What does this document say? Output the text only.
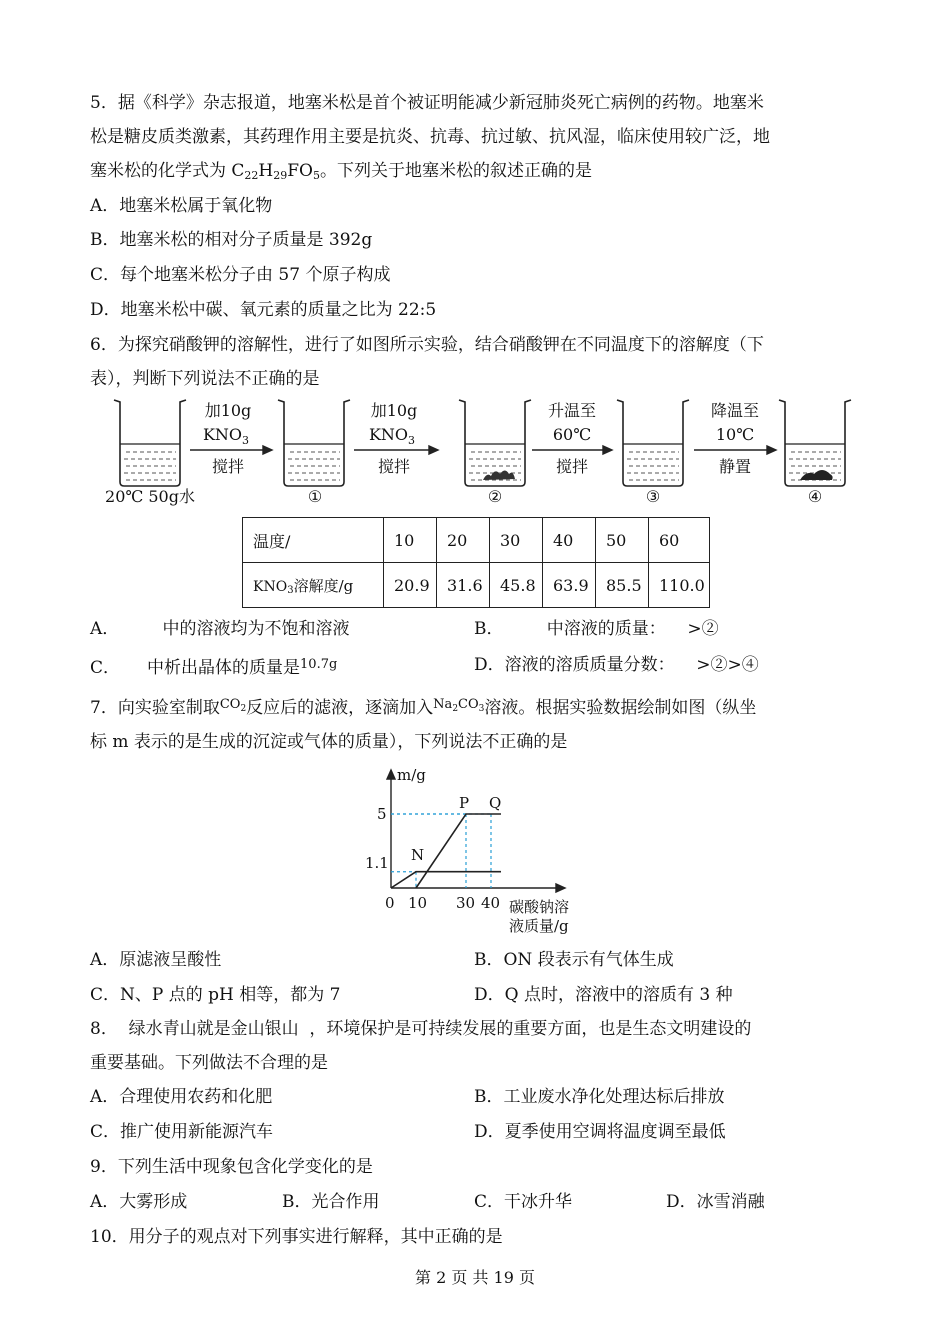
5．据《科学》杂志报道，地塞米松是首个被证明能减少新冠肺炎死亡病例的药物。地塞米
松是糖皮质类激素，其药理作用主要是抗炎、抗毒、抗过敏、抗风湿，临床使用较广泛，地
塞米松的化学式为 $C_{22}H_{29}FO_5$。下列关于地塞米松的叙述正确的是
A．地塞米松属于氧化物
B．地塞米松的相对分子质量是 392g
C．每个地塞米松分子由 57 个原子构成
D．地塞米松中碳、氧元素的质量之比为 22:5
6．为探究硝酸钾的溶解性，进行了如图所示实验，结合硝酸钾在不同温度下的溶解度（下
表），判断下列说法不正确的是
加10g
$KNO_3$
搅拌
加10g
$KNO_3$
搅拌
升温至
60℃
搅拌
降温至
10℃
静置
20℃ 50g水	①	②	③	④
温度/	10	20	30	40	50	60
KNO3溶解度/g	20.9	31.6	45.8	63.9	85.5	110.0
A．        中的溶液均为不饱和溶液	B．        中溶液的质量：    >②
C．     中析出晶体的质量是$^{10.7g}$	D．溶液的溶质质量分数：    >②>④
7．向实验室制取$^{CO}$2反应后的滤液，逐滴加入$^{Na}2^{CO}3$溶液。根据实验数据绘制如图（纵坐
标 m 表示的是生成的沉淀或气体的质量），下列说法不正确的是
m/g
5
1.1
0 10 30 40 碳酸钠溶
液质量/g
N
P Q
A．原滤液呈酸性	B．ON 段表示有气体生成
C．N、P 点的 pH 相等，都为 7	D．Q 点时，溶液中的溶质有 3 种
8．  绿水青山就是金山银山  ，环境保护是可持续发展的重要方面，也是生态文明建设的
重要基础。下列做法不合理的是
A．合理使用农药和化肥	B．工业废水净化处理达标后排放
C．推广使用新能源汽车	D．夏季使用空调将温度调至最低
9．下列生活中现象包含化学变化的是
A．大雾形成	B．光合作用	C．干冰升华	D．冰雪消融
10．用分子的观点对下列事实进行解释，其中正确的是
第 2 页 共 19 页
